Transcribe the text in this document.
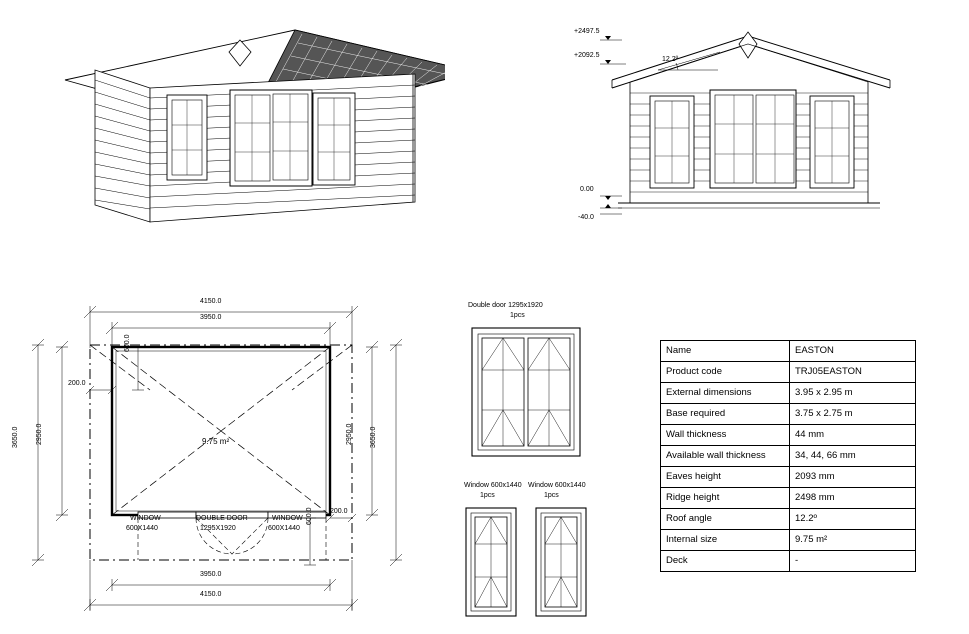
+2497.5
+2092.5
0.00
-40.0
12.2º
4150.0
3950.0
3950.0
4150.0
3650.0 2950.0	2950.0 3650.0
200.0
200.0
600.0
600.0
9.75 m²
WINDOW
600X1440
DOUBLE DOOR
1295X1920
WINDOW
600X1440
Double door 1295x1920
1pcs
Window 600x1440
1pcs
Window 600x1440
1pcs
Name	EASTON
Product code	TRJ05EASTON
External dimensions	3.95 x 2.95 m
Base required	3.75 x 2.75 m
Wall thickness	44 mm
Available wall thickness	34, 44, 66 mm
Eaves height	2093 mm
Ridge height	2498 mm
Roof angle	12.2º
Internal size	9.75 m²
Deck	-
